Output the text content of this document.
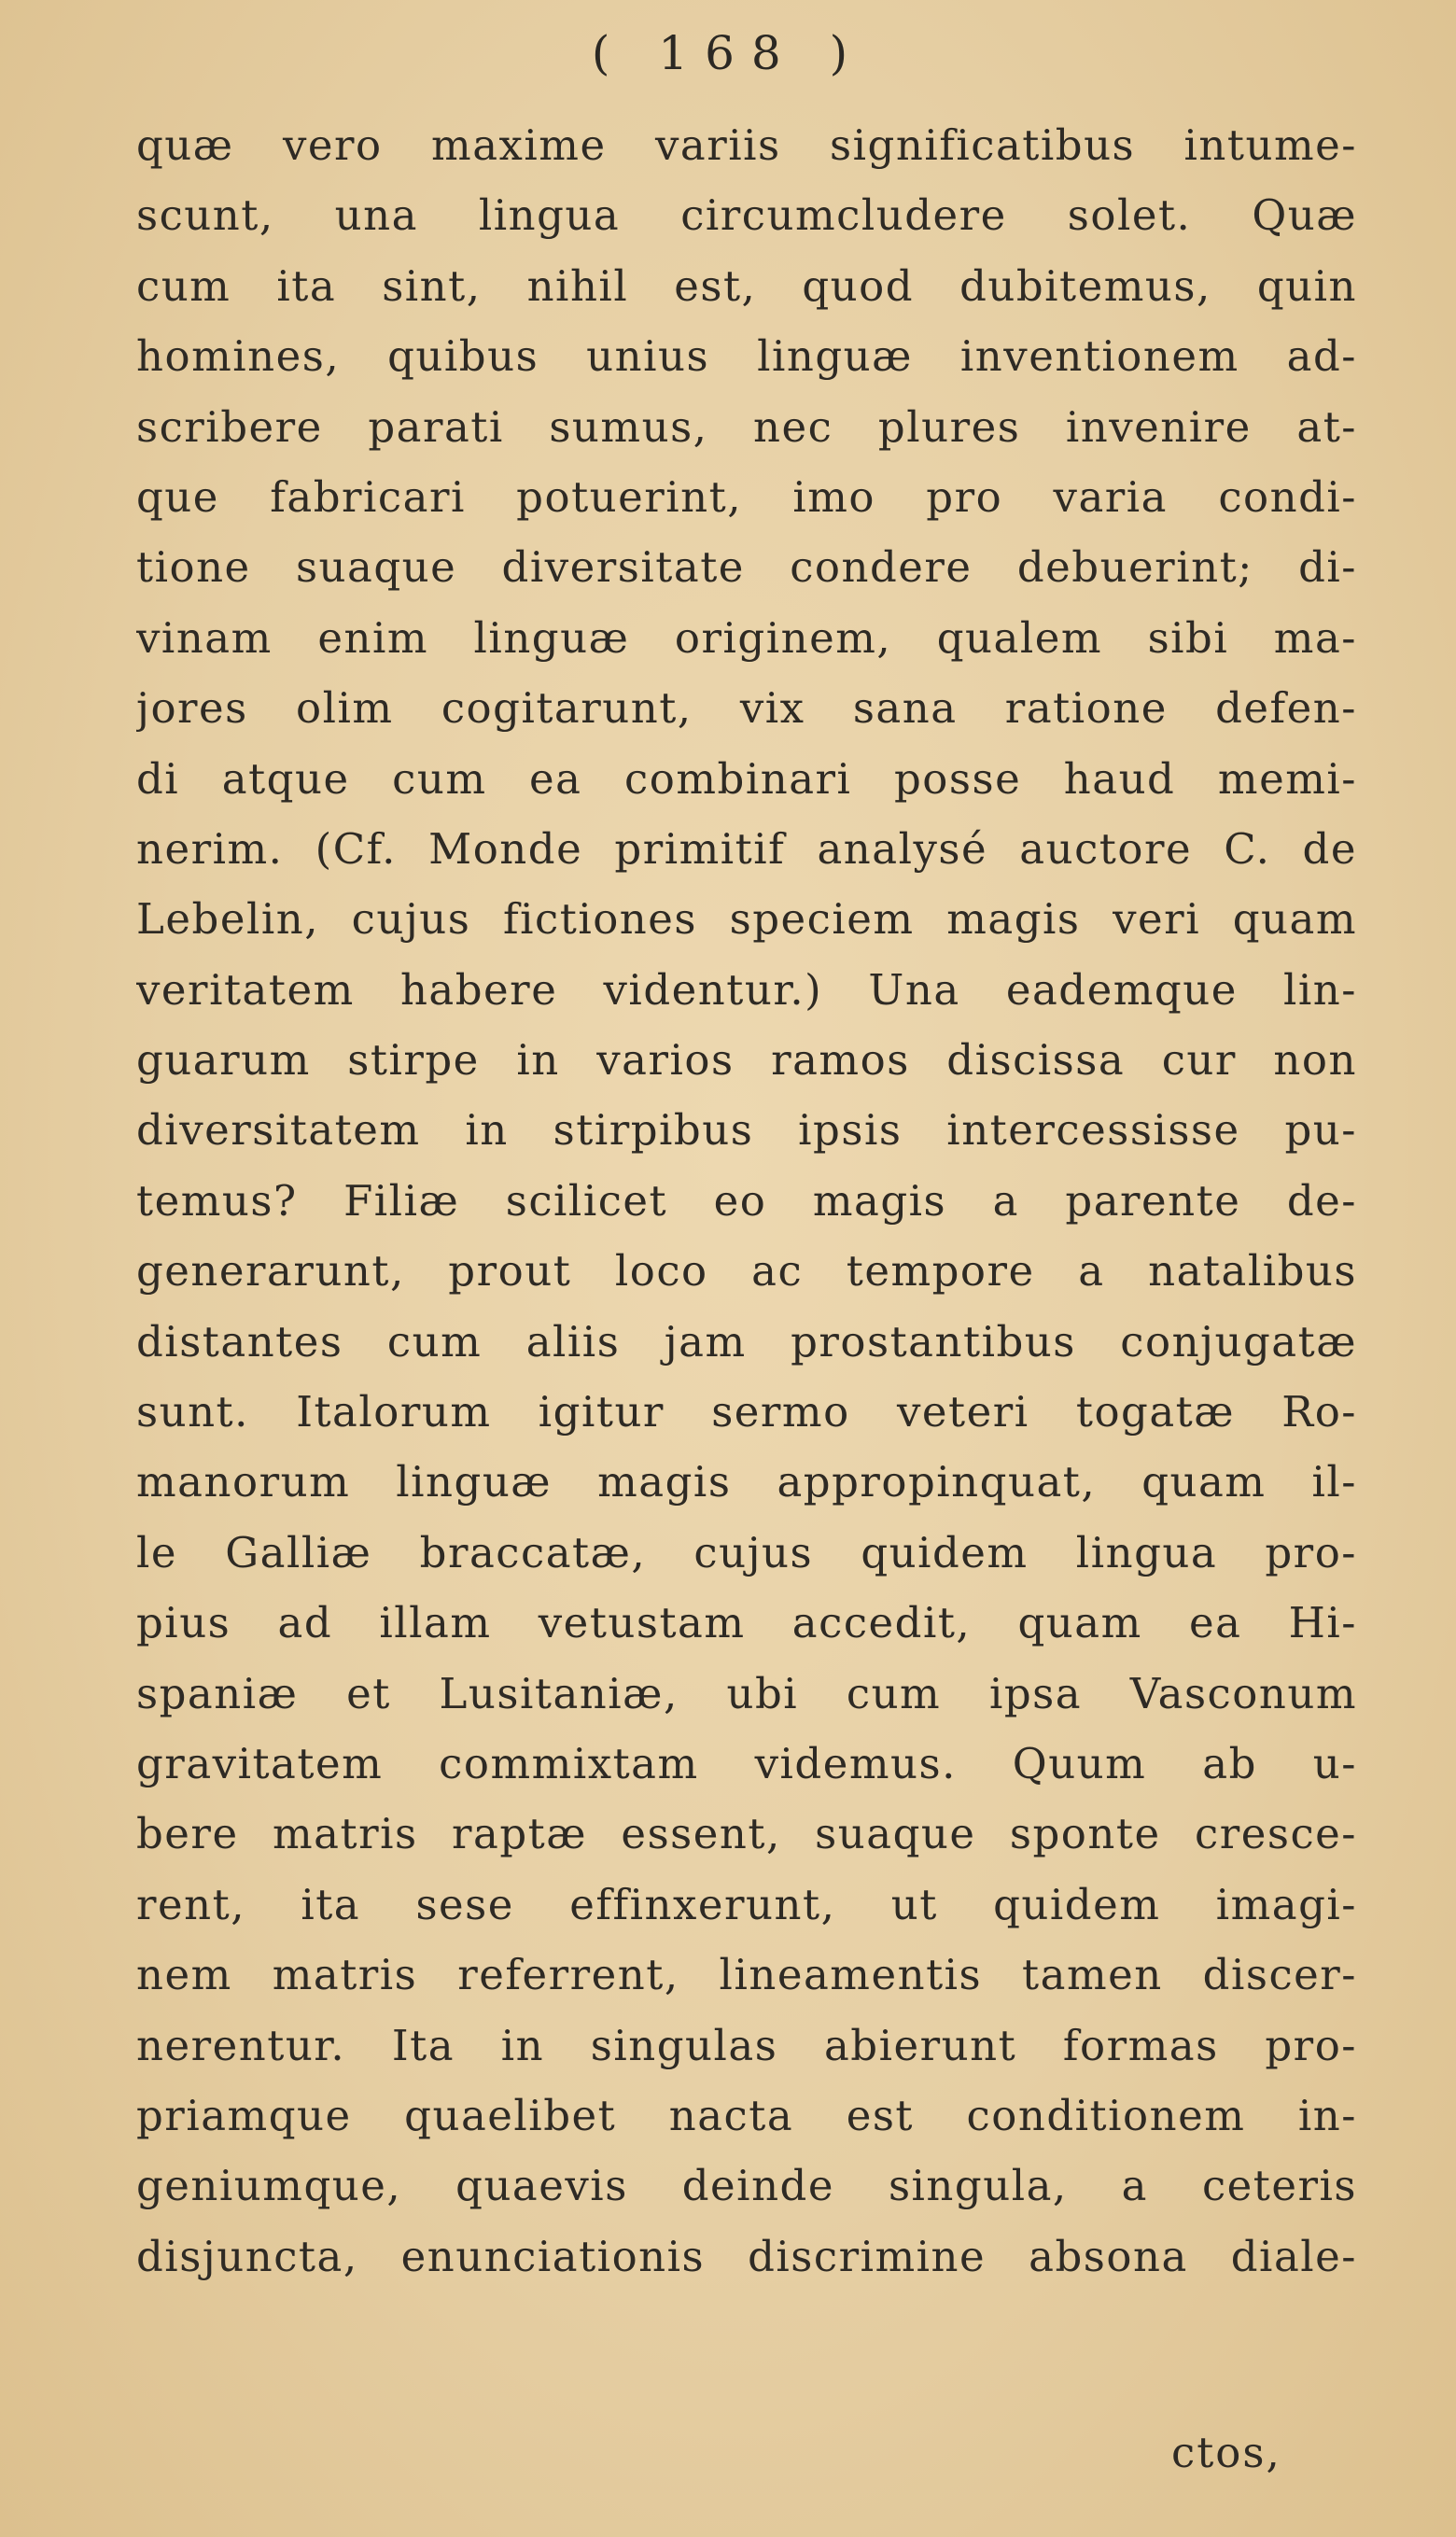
( 168 )
quæ vero maxime variis significatibus intume-
scunt, una lingua circumcludere solet. Quæ
cum ita sint, nihil est, quod dubitemus, quin
homines, quibus unius linguæ inventionem ad-
scribere parati sumus, nec plures invenire at-
que fabricari potuerint, imo pro varia condi-
tione suaque diversitate condere debuerint; di-
vinam enim linguæ originem, qualem sibi ma-
jores olim cogitarunt, vix sana ratione defen-
di atque cum ea combinari posse haud memi-
nerim. (Cf. Monde primitif analysé auctore C. de
Lebelin, cujus fictiones speciem magis veri quam
veritatem habere videntur.) Una eademque lin-
guarum stirpe in varios ramos discissa cur non
diversitatem in stirpibus ipsis intercessisse pu-
temus? Filiæ scilicet eo magis a parente de-
generarunt, prout loco ac tempore a natalibus
distantes cum aliis jam prostantibus conjugatæ
sunt. Italorum igitur sermo veteri togatæ Ro-
manorum linguæ magis appropinquat, quam il-
le Galliæ braccatæ, cujus quidem lingua pro-
pius ad illam vetustam accedit, quam ea Hi-
spaniæ et Lusitaniæ, ubi cum ipsa Vasconum
gravitatem commixtam videmus. Quum ab u-
bere matris raptæ essent, suaque sponte cresce-
rent, ita sese effinxerunt, ut quidem imagi-
nem matris referrent, lineamentis tamen discer-
nerentur. Ita in singulas abierunt formas pro-
priamque quaelibet nacta est conditionem in-
geniumque, quaevis deinde singula, a ceteris
disjuncta, enunciationis discrimine absona diale-
ctos,
